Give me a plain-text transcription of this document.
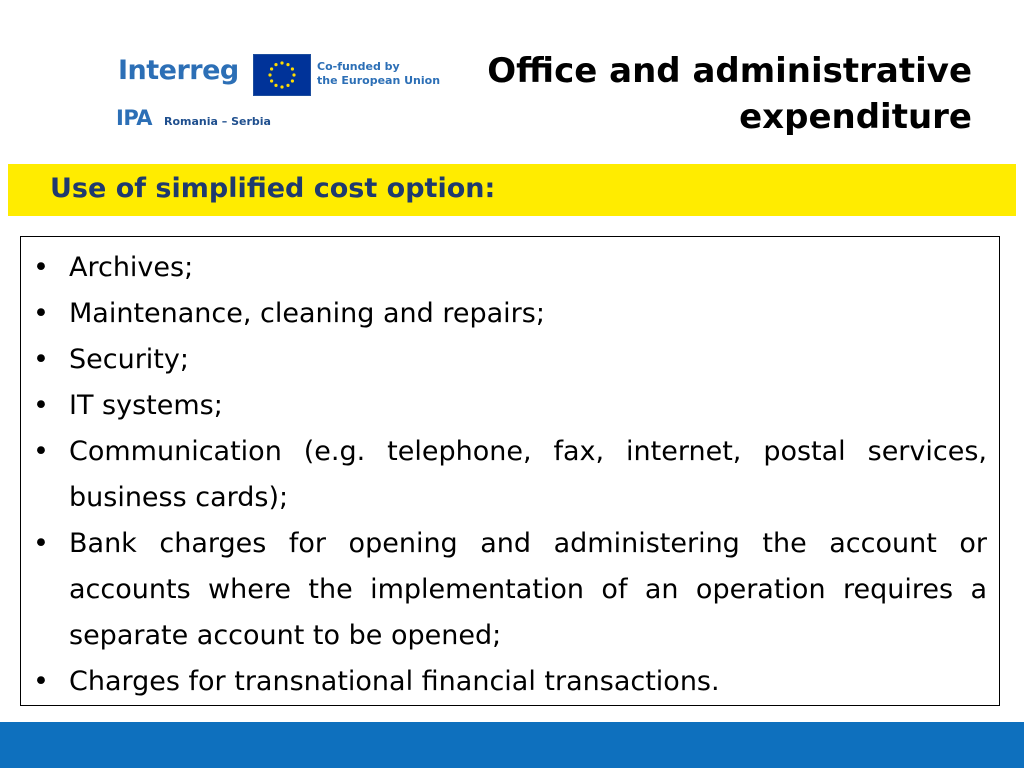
Interreg	Co-funded by
the European Union
IPA Romania – Serbia
Office and administrative
expenditure
Use of simplified cost option:
• Archives;
• Maintenance, cleaning and repairs;
• Security;
• IT systems;
• Communication (e.g. telephone, fax, internet, postal services, business cards);
• Bank charges for opening and administering the account or accounts where the implementation of an operation requires a separate account to be opened;
• Charges for transnational financial transactions.
